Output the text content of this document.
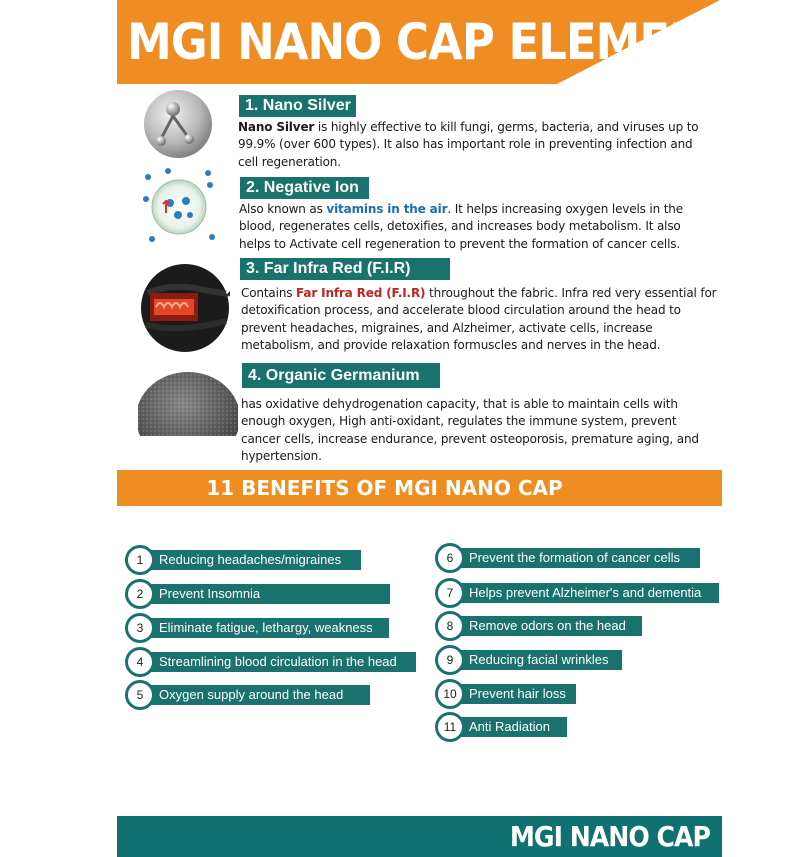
MGI NANO CAP ELEMENTS
1. Nano Silver
Nano Silver is highly effective to kill fungi, germs, bacteria, and viruses up to 99.9% (over 600 types). It also has important role in preventing infection and cell regeneration.
2. Negative Ion
Also known as vitamins in the air. It helps increasing oxygen levels in the blood, regenerates cells, detoxifies, and increases body metabolism. It also helps to Activate cell regeneration to prevent the formation of cancer cells.
3. Far Infra Red (F.I.R)
Contains Far Infra Red (F.I.R) throughout the fabric. Infra red very essential for detoxification process, and accelerate blood circulation around the head to prevent headaches, migraines, and Alzheimer, activate cells, increase metabolism, and provide relaxation formuscles and nerves in the head.
4. Organic Germanium
has oxidative dehydrogenation capacity, that is able to maintain cells with enough oxygen, High anti-oxidant, regulates the immune system, prevent cancer cells, increase endurance, prevent osteoporosis, premature aging, and hypertension.
11 BENEFITS OF MGI NANO CAP
1	Reducing headaches/migraines
2	Prevent Insomnia
3	Eliminate fatigue, lethargy, weakness
4	Streamlining blood circulation in the head
5	Oxygen supply around the head
6	Prevent the formation of cancer cells
7	Helps prevent Alzheimer's and dementia
8	Remove odors on the head
9	Reducing facial wrinkles
10 Prevent hair loss
11 Anti Radiation
MGI NANO CAP
